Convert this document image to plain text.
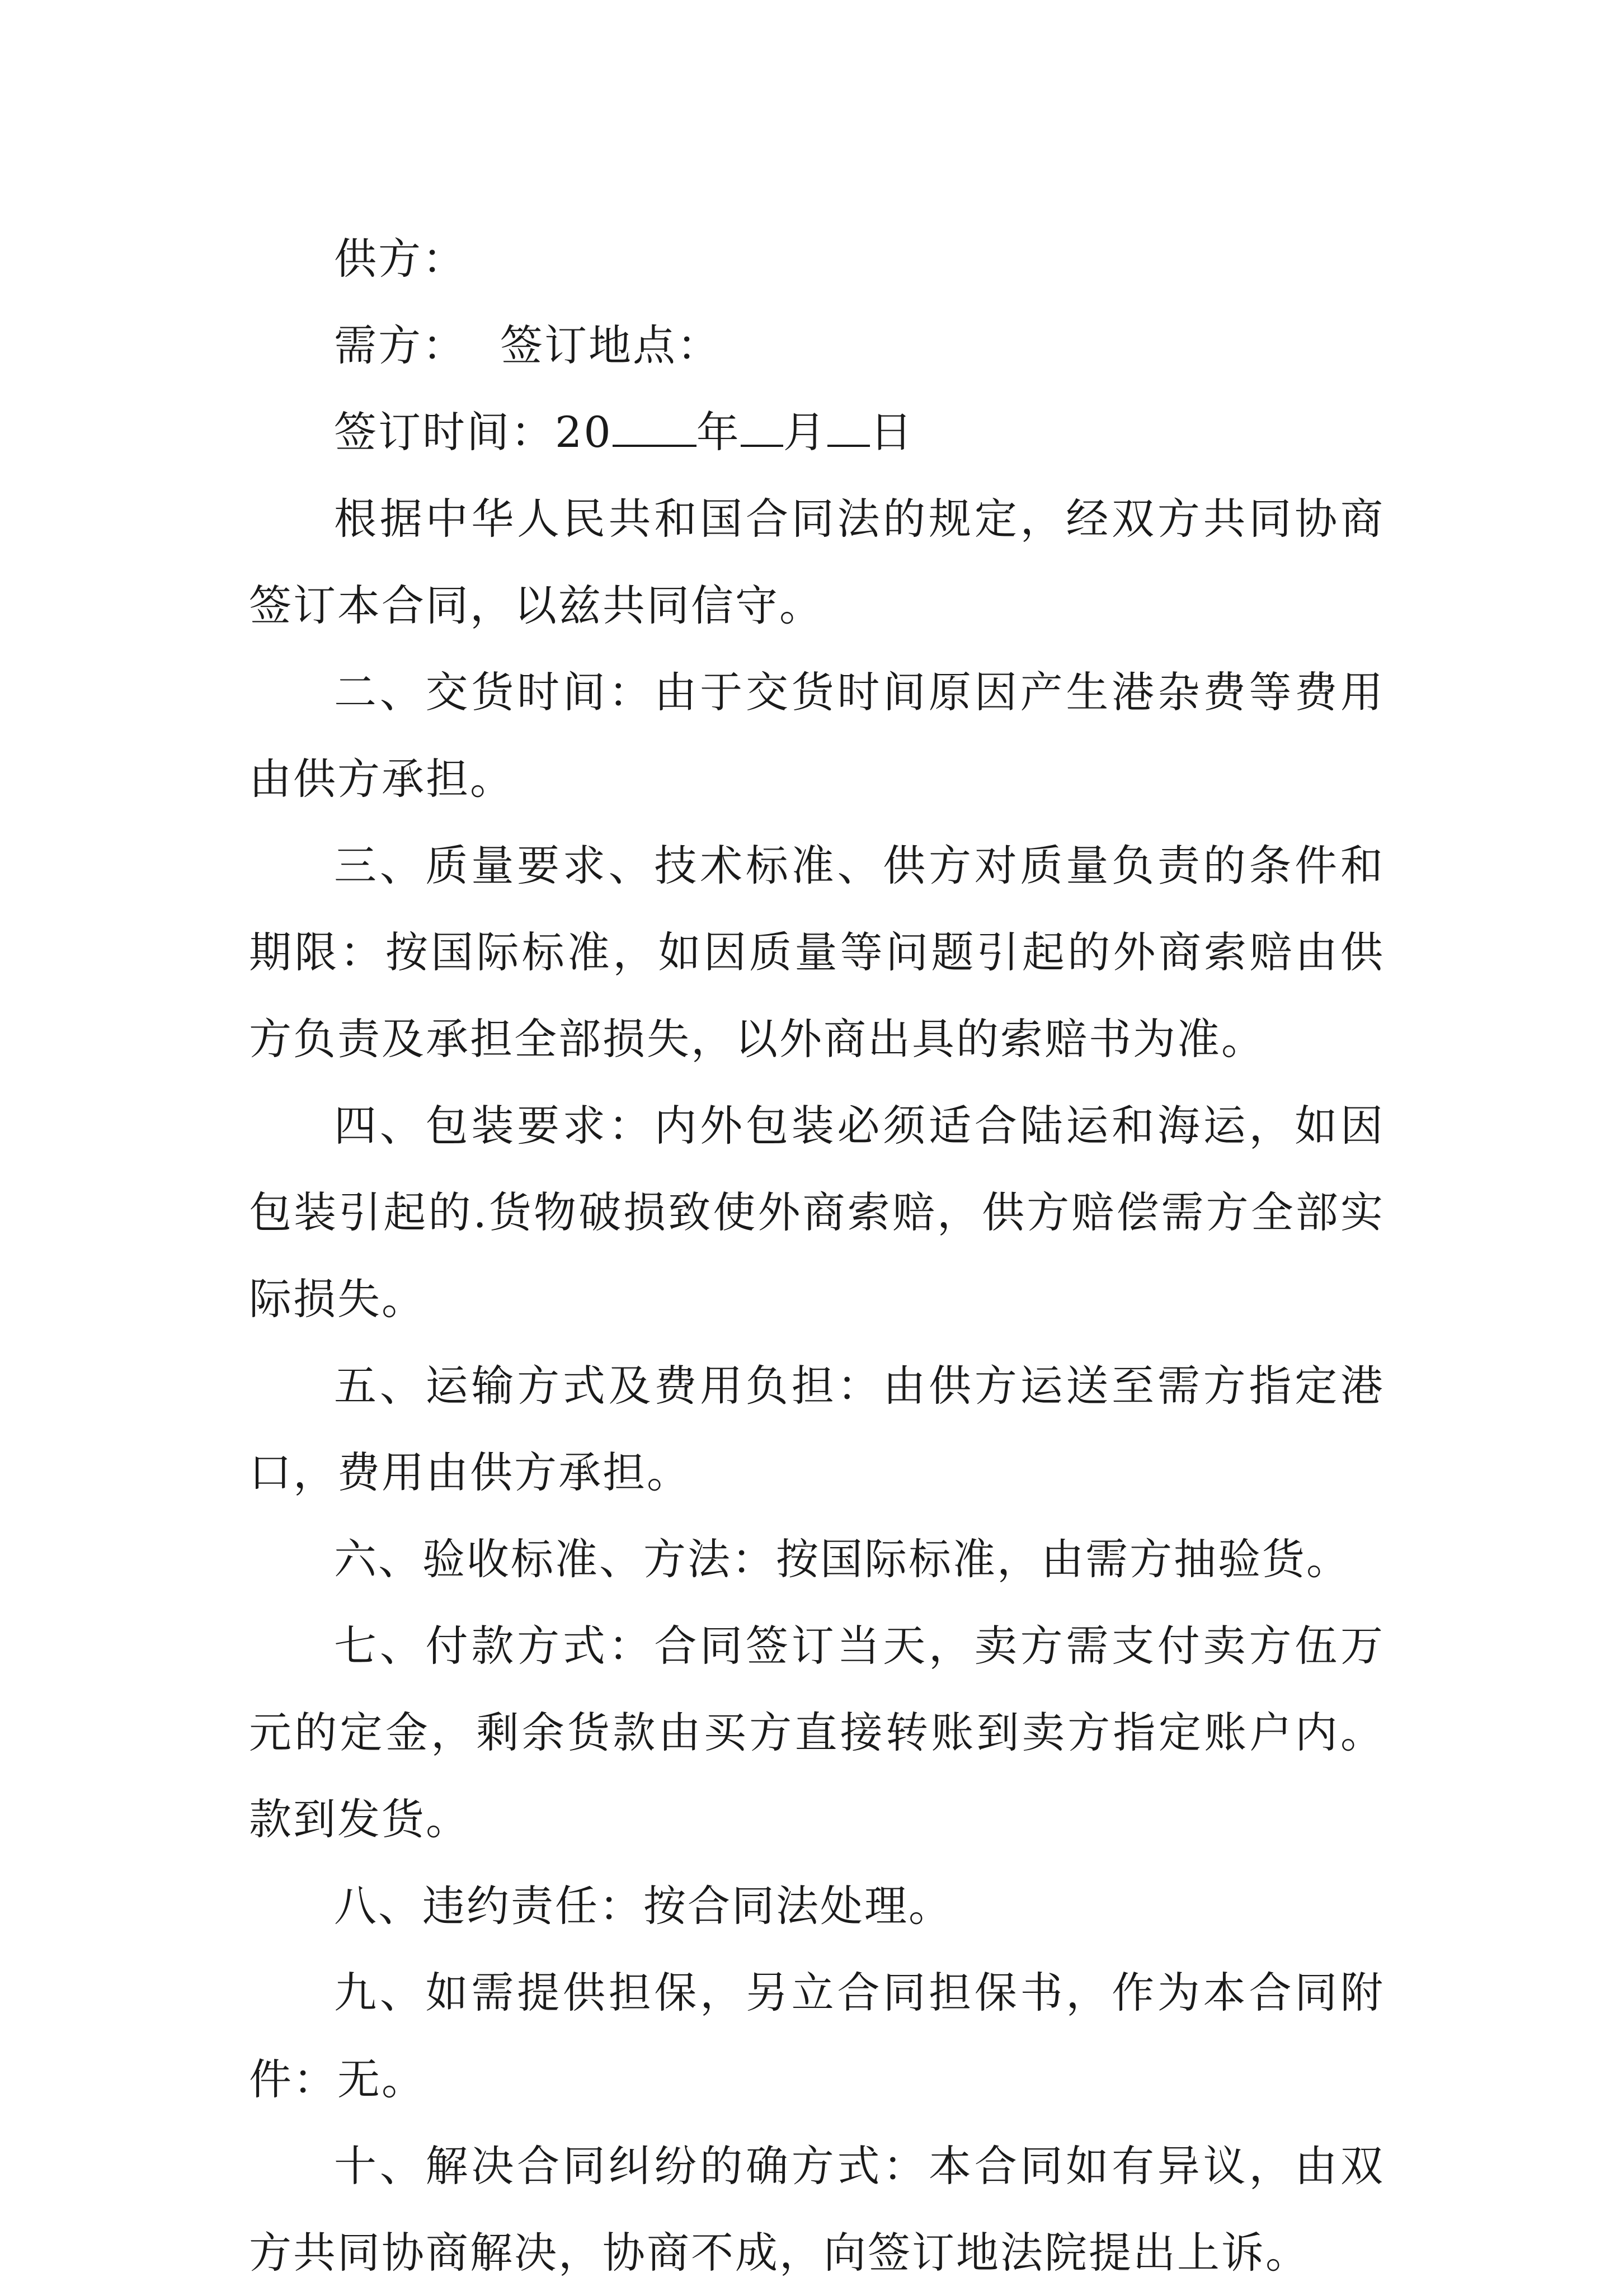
供方：

需方： 签订地点：

签订时间：20 年 月 日

根据中华人民共和国合同法的规定，经双方共同协商签订本合同，以兹共同信守。

二、交货时间：由于交货时间原因产生港杂费等费用由供方承担。

三、质量要求、技术标准、供方对质量负责的条件和期限：按国际标准，如因质量等问题引起的外商索赔由供方负责及承担全部损失，以外商出具的索赔书为准。

四、包装要求：内外包装必须适合陆运和海运，如因包装引起的.货物破损致使外商索赔，供方赔偿需方全部实际损失。

五、运输方式及费用负担：由供方运送至需方指定港口，费用由供方承担。

六、验收标准、方法：按国际标准，由需方抽验货。

七、付款方式：合同签订当天，卖方需支付卖方伍万元的定金，剩余货款由买方直接转账到卖方指定账户内。款到发货。

八、违约责任：按合同法处理。

九、如需提供担保，另立合同担保书，作为本合同附件：无。

十、解决合同纠纷的确方式：本合同如有异议，由双方共同协商解决，协商不成，向签订地法院提出上诉。
